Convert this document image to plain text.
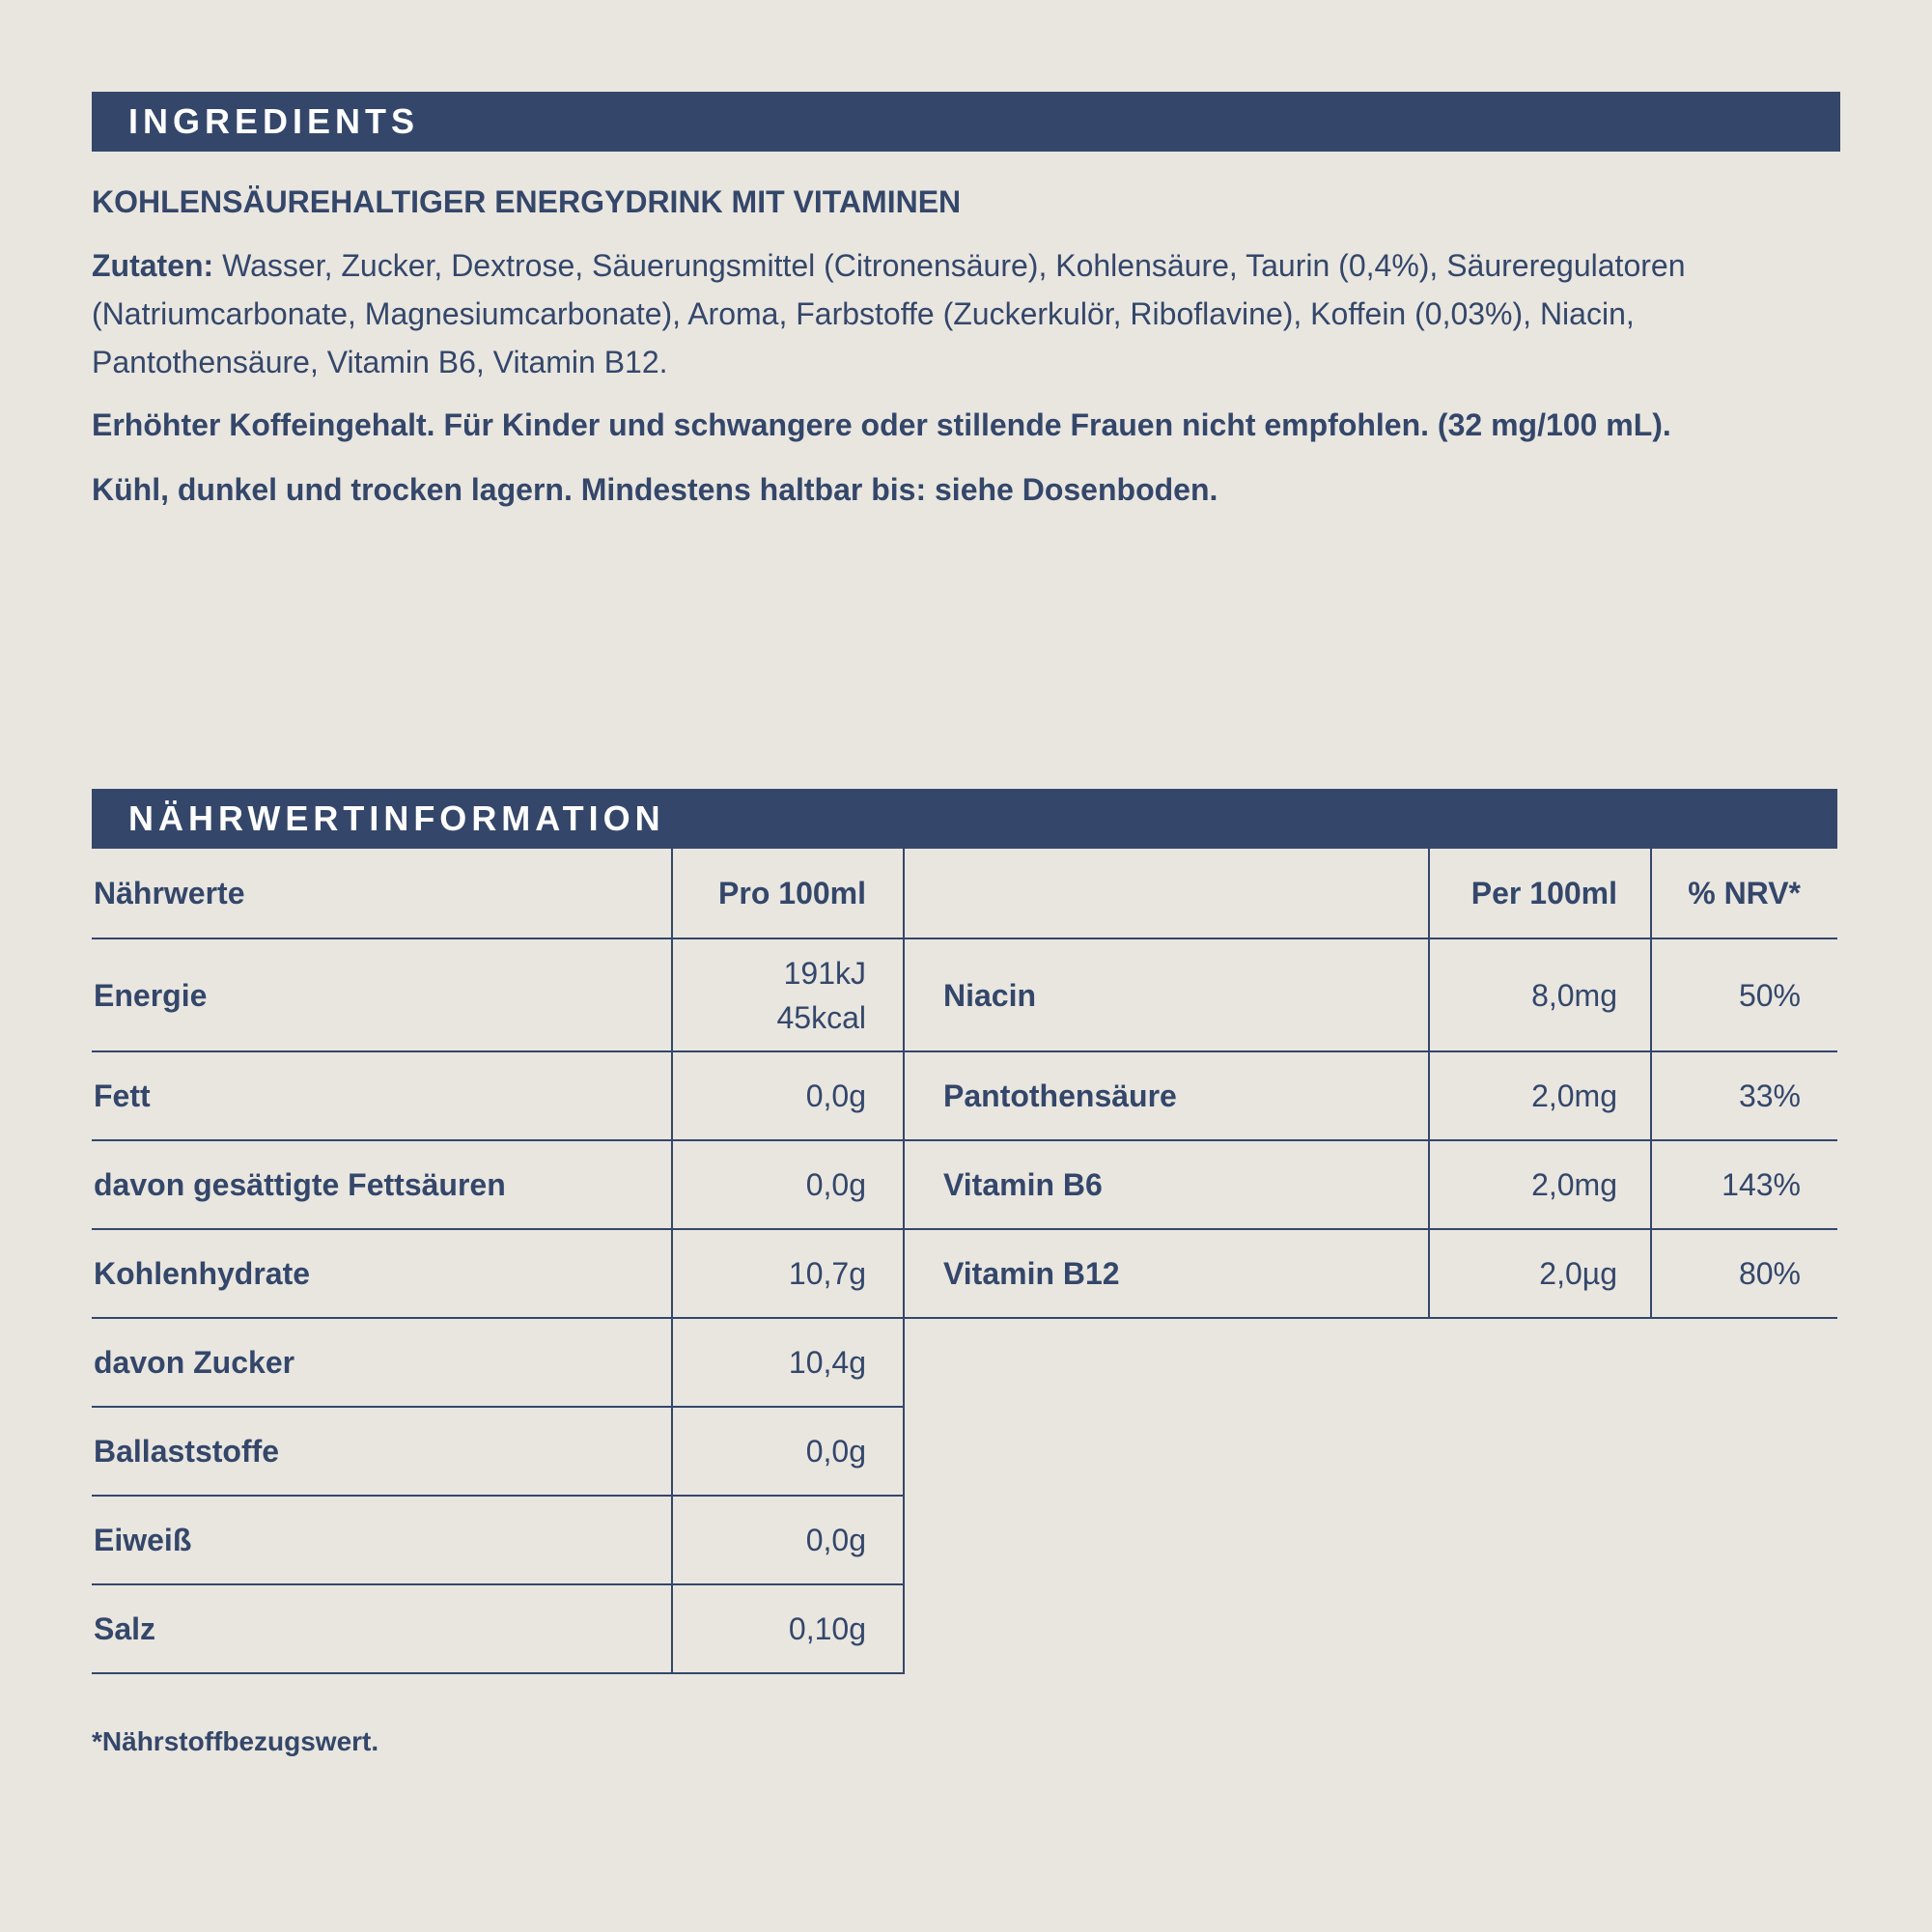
INGREDIENTS
KOHLENSÄUREHALTIGER ENERGYDRINK MIT VITAMINEN
Zutaten: Wasser, Zucker, Dextrose, Säuerungsmittel (Citronensäure), Kohlensäure, Taurin (0,4%), Säureregulatoren (Natriumcarbonate, Magnesiumcarbonate), Aroma, Farbstoffe (Zuckerkulör, Riboflavine), Koffein (0,03%), Niacin, Pantothensäure, Vitamin B6, Vitamin B12.
Erhöhter Koffeingehalt. Für Kinder und schwangere oder stillende Frauen nicht empfohlen. (32 mg/100 mL).
Kühl, dunkel und trocken lagern. Mindestens haltbar bis: siehe Dosenboden.
NÄHRWERTINFORMATION
Nährwerte	Pro 100ml
Energie	191kJ
45kcal

Fett	0,0g
davon gesättigte Fettsäuren	0,0g
Kohlenhydrate	10,7g
davon Zucker	10,4g
Ballaststoffe	0,0g
Eiweiß	0,0g
Salz	0,10g
	Per 100ml	% NRV*
Niacin	8,0mg	50%
Pantothensäure	2,0mg	33%
Vitamin B6	2,0mg	143%
Vitamin B12	2,0µg	80%
*Nährstoffbezugswert.
